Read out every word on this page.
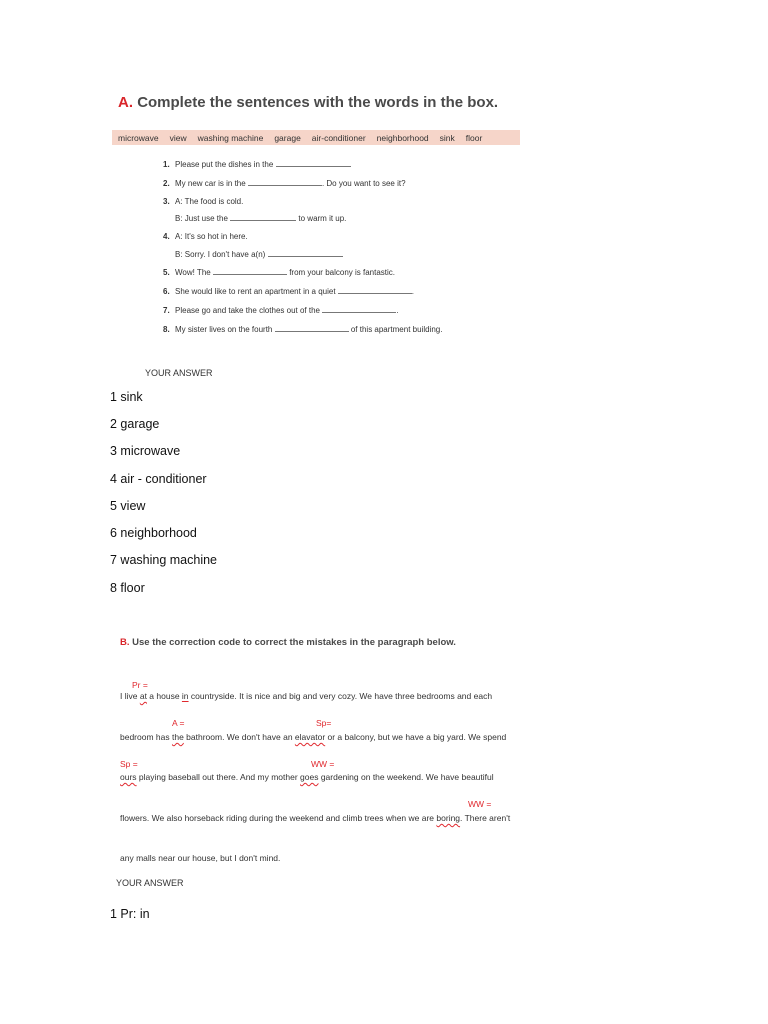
A. Complete the sentences with the words in the box.
microwave view washing machine garage air-conditioner neighborhood sink floor
1. Please put the dishes in the	.
2. My new car is in the	. Do you want to see it?
3. A: The food is cold.
B: Just use the	to warm it up.
4. A: It's so hot in here.
B: Sorry. I don't have a(n)	.
5. Wow! The	from your balcony is fantastic.
6. She would like to rent an apartment in a quiet	.
7. Please go and take the clothes out of the	.
8. My sister lives on the fourth	of this apartment building.
YOUR ANSWER
1 sink
2 garage
3 microwave
4 air - conditioner
5 view
6 neighborhood
7 washing machine
8 floor
B. Use the correction code to correct the mistakes in the paragraph below.
Pr =
A =	Sp=
Sp =	WW =
WW =
I live at a house in countryside. It is nice and big and very cozy. We have three bedrooms and each
bedroom has the bathroom. We don't have an elavator or a balcony, but we have a big yard. We spend
ours playing baseball out there. And my mother goes gardening on the weekend. We have beautiful
flowers. We also horseback riding during the weekend and climb trees when we are boring. There aren't
any malls near our house, but I don't mind.
YOUR ANSWER
1 Pr: in
